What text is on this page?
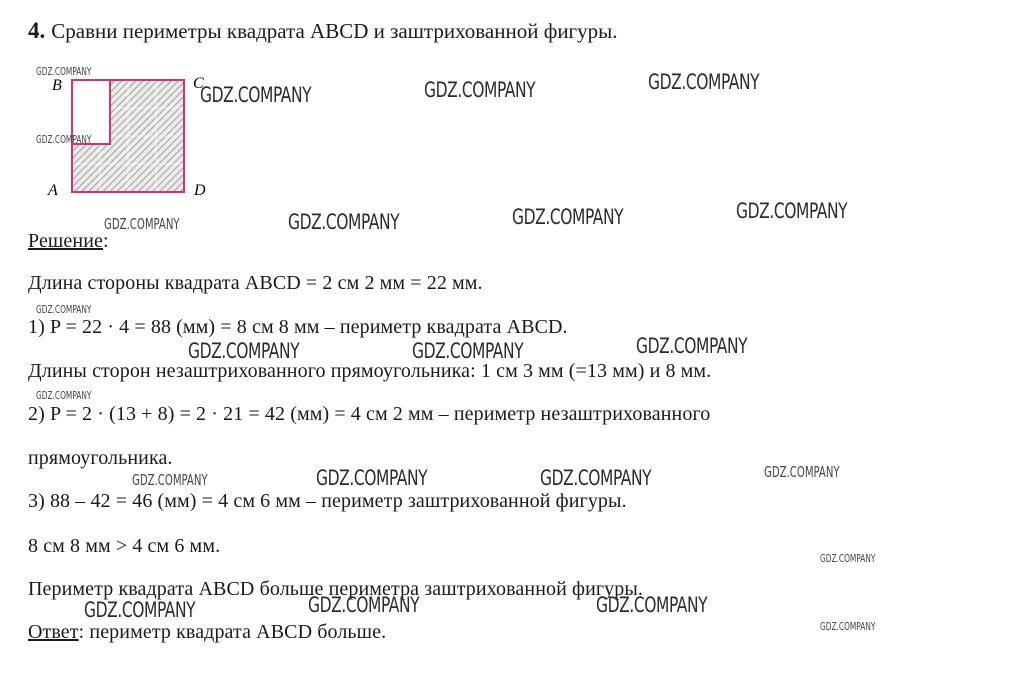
4. Сравни периметры квадрата ABCD и заштрихованной фигуры.
B	C
A	D
Решение:
Длина стороны квадрата ABCD = 2 см 2 мм = 22 мм.
1) P = 22 · 4 = 88 (мм) = 8 см 8 мм – периметр квадрата ABCD.
Длины сторон незаштрихованного прямоугольника: 1 см 3 мм (=13 мм) и 8 мм.
2) P = 2 · (13 + 8) = 2 · 21 = 42 (мм) = 4 см 2 мм – периметр незаштрихованного
прямоугольника.
3) 88 – 42 = 46 (мм) = 4 см 6 мм – периметр заштрихованной фигуры.
8 см 8 мм > 4 см 6 мм.
Периметр квадрата ABCD больше периметра заштрихованной фигуры.
Ответ: периметр квадрата ABCD больше.
GDZ.COMPANY
GDZ.COMPANY
GDZ.COMPANY	GDZ.COMPANY	GDZ.COMPANY
GDZ.COMPANY	GDZ.COMPANY	GDZ.COMPANY	GDZ.COMPANY
GDZ.COMPANY
GDZ.COMPANY	GDZ.COMPANY	GDZ.COMPANY
GDZ.COMPANY
GDZ.COMPANY	GDZ.COMPANY	GDZ.COMPANY	GDZ.COMPANY
GDZ.COMPANY
GDZ.COMPANY	GDZ.COMPANY	GDZ.COMPANY
GDZ.COMPANY
